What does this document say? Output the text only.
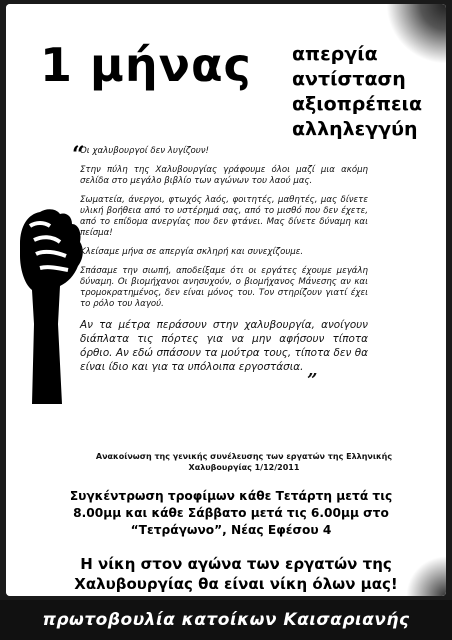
1 μήνας απεργία
αντίσταση
αξιοπρέπεια
αλληλεγγύη
“

Οι χαλυβουργοί δεν λυγίζουν!

Στην πύλη της Χαλυβουργίας γράφουμε όλοι μαζί μια ακόμη σελίδα στο μεγάλο βιβλίο των αγώνων του λαού μας.

Σωματεία, άνεργοι, φτωχός λαός, φοιτητές, μαθητές, μας δίνετε υλική βοήθεια από το υστέρημά σας, από το μισθό που δεν έχετε, από το επίδομα ανεργίας που δεν φτάνει. Μας δίνετε δύναμη και πείσμα!

Κλείσαμε μήνα σε απεργία σκληρή και συνεχίζουμε.

Σπάσαμε την σιωπή, αποδείξαμε ότι οι εργάτες έχουμε μεγάλη δύναμη. Οι βιομήχανοι ανησυχούν, ο βιομήχανος Μάνεσης αν και τρομοκρατημένος, δεν είναι μόνος του. Τον στηρίζουν γιατί έχει το ρόλο του λαγού.

Αν τα μέτρα περάσουν στην χαλυβουργία, ανοίγουν διάπλατα τις πόρτες για να μην αφήσουν τίποτα όρθιο. Αν εδώ σπάσουν τα μούτρα τους, τίποτα δεν θα είναι ίδιο και για τα υπόλοιπα εργοστάσια. „

Ανακοίνωση της γενικής συνέλευσης των εργατών της Ελληνικής Χαλυβουργίας 1/12/2011
Συγκέντρωση τροφίμων κάθε Τετάρτη μετά τις 8.00μμ και κάθε Σάββατο μετά τις 6.00μμ στο “Τετράγωνο”, Νέας Εφέσου 4
Η νίκη στον αγώνα των εργατών της Χαλυβουργίας θα είναι νίκη όλων μας!
πρωτοβουλία κατοίκων Καισαριανής
